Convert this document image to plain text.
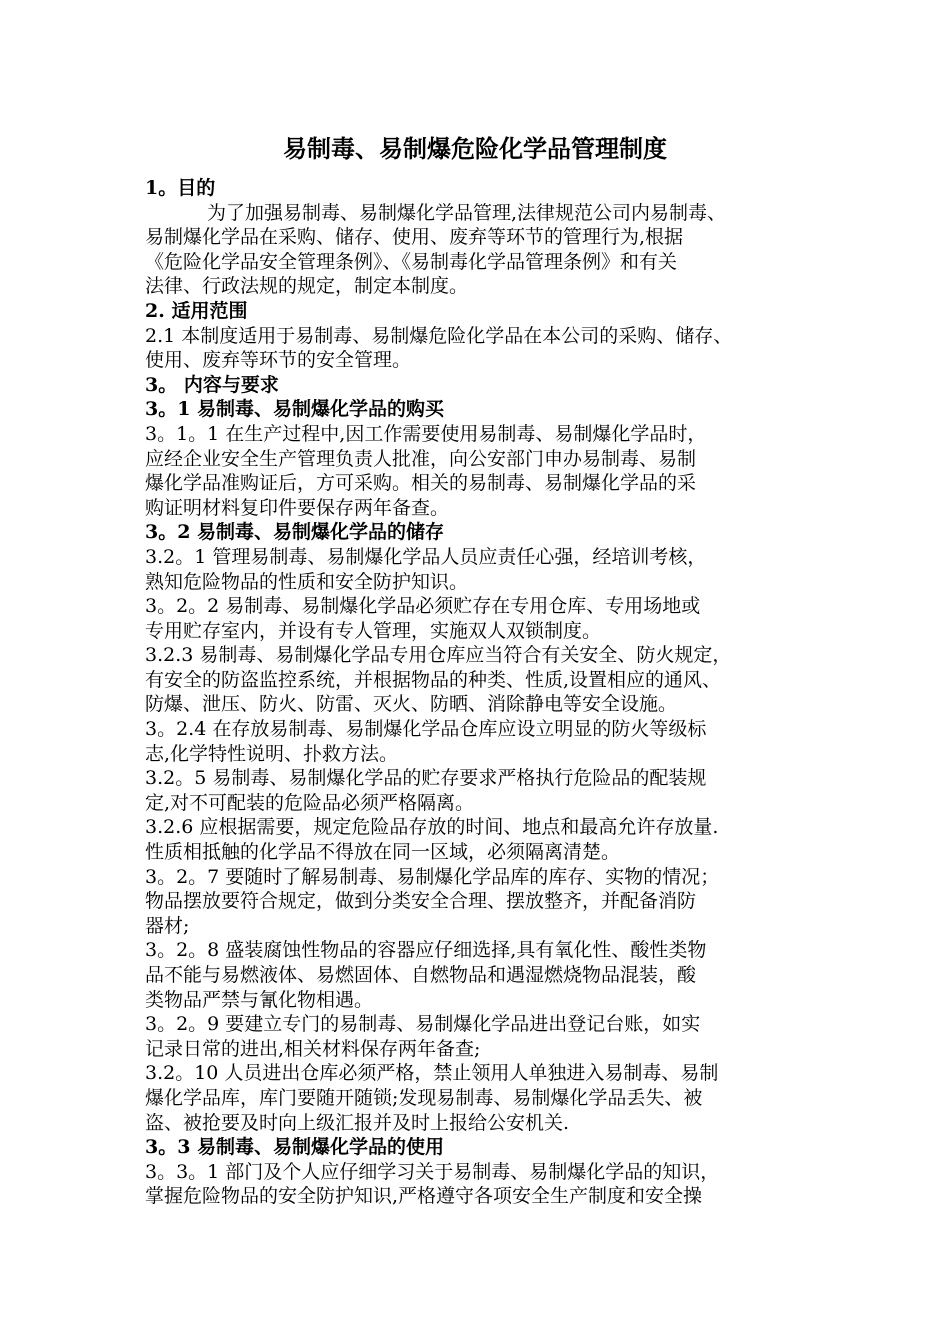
易制毒、易制爆危险化学品管理制度

1。目的

为了加强易制毒、易制爆化学品管理,法律规范公司内易制毒、

易制爆化学品在采购、储存、使用、废弃等环节的管理行为,根据

《危险化学品安全管理条例》、《易制毒化学品管理条例》和有关

法律、行政法规的规定，制定本制度。

2. 适用范围

2.1 本制度适用于易制毒、易制爆危险化学品在本公司的采购、储存、

使用、废弃等环节的安全管理。

3。 内容与要求

3。1 易制毒、易制爆化学品的购买

3。1。1 在生产过程中,因工作需要使用易制毒、易制爆化学品时，

应经企业安全生产管理负责人批准，向公安部门申办易制毒、易制

爆化学品准购证后，方可采购。相关的易制毒、易制爆化学品的采

购证明材料复印件要保存两年备查。

3。2 易制毒、易制爆化学品的储存

3.2。1 管理易制毒、易制爆化学品人员应责任心强，经培训考核，

熟知危险物品的性质和安全防护知识。

3。2。2 易制毒、易制爆化学品必须贮存在专用仓库、专用场地或

专用贮存室内，并设有专人管理，实施双人双锁制度。

3.2.3 易制毒、易制爆化学品专用仓库应当符合有关安全、防火规定，

有安全的防盗监控系统，并根据物品的种类、性质,设置相应的通风、

防爆、泄压、防火、防雷、灭火、防晒、消除静电等安全设施。

3。2.4 在存放易制毒、易制爆化学品仓库应设立明显的防火等级标

志,化学特性说明、扑救方法。

3.2。5 易制毒、易制爆化学品的贮存要求严格执行危险品的配装规

定,对不可配装的危险品必须严格隔离。

3.2.6 应根据需要，规定危险品存放的时间、地点和最高允许存放量.

性质相抵触的化学品不得放在同一区域，必须隔离清楚。

3。2。7 要随时了解易制毒、易制爆化学品库的库存、实物的情况；

物品摆放要符合规定，做到分类安全合理、摆放整齐，并配备消防

器材;

3。2。8 盛装腐蚀性物品的容器应仔细选择,具有氧化性、酸性类物

品不能与易燃液体、易燃固体、自燃物品和遇湿燃烧物品混装，酸

类物品严禁与氰化物相遇。

3。2。9 要建立专门的易制毒、易制爆化学品进出登记台账，如实

记录日常的进出,相关材料保存两年备查;

3.2。10 人员进出仓库必须严格，禁止领用人单独进入易制毒、易制

爆化学品库，库门要随开随锁;发现易制毒、易制爆化学品丢失、被

盗、被抢要及时向上级汇报并及时上报给公安机关.

3。3 易制毒、易制爆化学品的使用

3。3。1 部门及个人应仔细学习关于易制毒、易制爆化学品的知识，

掌握危险物品的安全防护知识,严格遵守各项安全生产制度和安全操
